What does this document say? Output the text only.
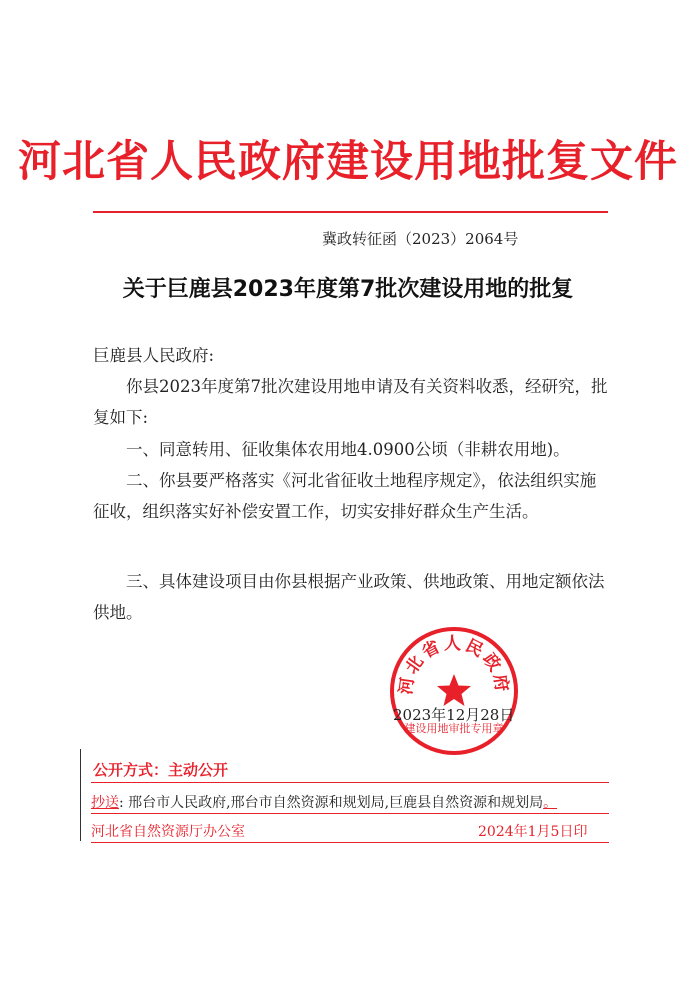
河北省人民政府建设用地批复文件
冀政转征函（2023）2064号
关于巨鹿县2023年度第7批次建设用地的批复
巨鹿县人民政府:
你县2023年度第7批次建设用地申请及有关资料收悉，经研究，批复如下:
一、同意转用、征收集体农用地4.0900公顷（非耕农用地)。
二、你县要严格落实《河北省征收土地程序规定》，依法组织实施征收，组织落实好补偿安置工作，切实安排好群众生产生活。
三、具体建设项目由你县根据产业政策、供地政策、用地定额依法供地。
河北省人民政府
建设用地审批专用章
2023年12月28日
公开方式：主动公开
抄送: 邢台市人民政府,邢台市自然资源和规划局,巨鹿县自然资源和规划局。
河北省自然资源厅办公室	2024年1月5日印
